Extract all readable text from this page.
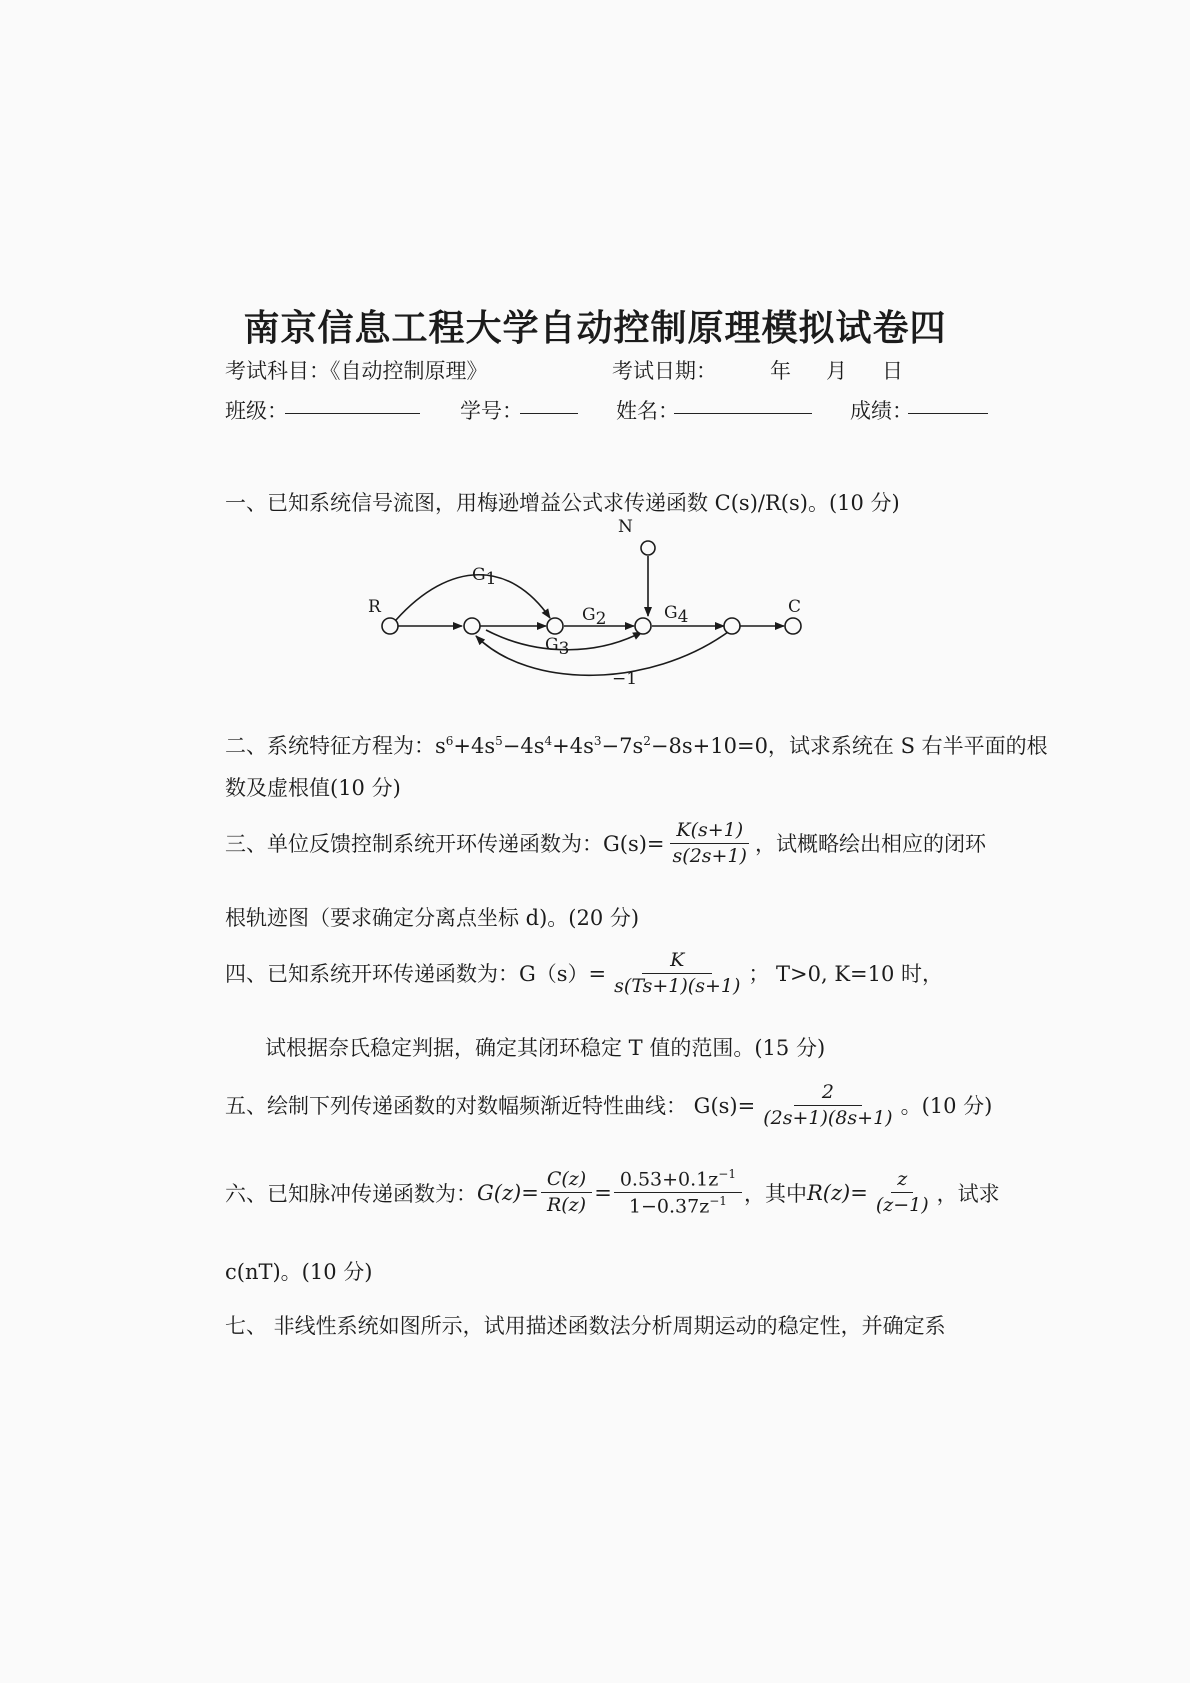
南京信息工程大学自动控制原理模拟试卷四
考试科目：《自动控制原理》	考试日期：	年 月 日
班级：	学号：	姓名：	成绩：
一、已知系统信号流图，用梅逊增益公式求传递函数 C(s)/R(s)。(10 分)
R	C
N
G1
G2
G3
G4
−1
二、系统特征方程为：$s^6+4s^5-4s^4+4s^3-7s^2-8s+10=0$，试求系统在 S 右半平面的根
数及虚根值(10 分)
三、单位反馈控制系统开环传递函数为：$G(s)= \frac{K(s+1)}{s(2s+1)}$ ，试概略绘出相应的闭环
根轨迹图（要求确定分离点坐标 d)。(20 分)
四、已知系统开环传递函数为：$G(s)= \frac{K}{s(Ts+1)(s+1)}$ ； T>0, K=10 时，
试根据奈氏稳定判据，确定其闭环稳定 T 值的范围。(15 分)
五、绘制下列传递函数的对数幅频渐近特性曲线： $G(s)= \frac{2}{(2s+1)(8s+1)}$ 。(10 分)
六、已知脉冲传递函数为： $G(z)= \frac{C(z)}{R(z)} = \frac{0.53+0.1z^{-1}}{1-0.37z^{-1}}$ ，其中 $R(z)= \frac{z}{(z-1)}$ ，试求
c(nT)。(10 分)
七、 非线性系统如图所示，试用描述函数法分析周期运动的稳定性，并确定系
